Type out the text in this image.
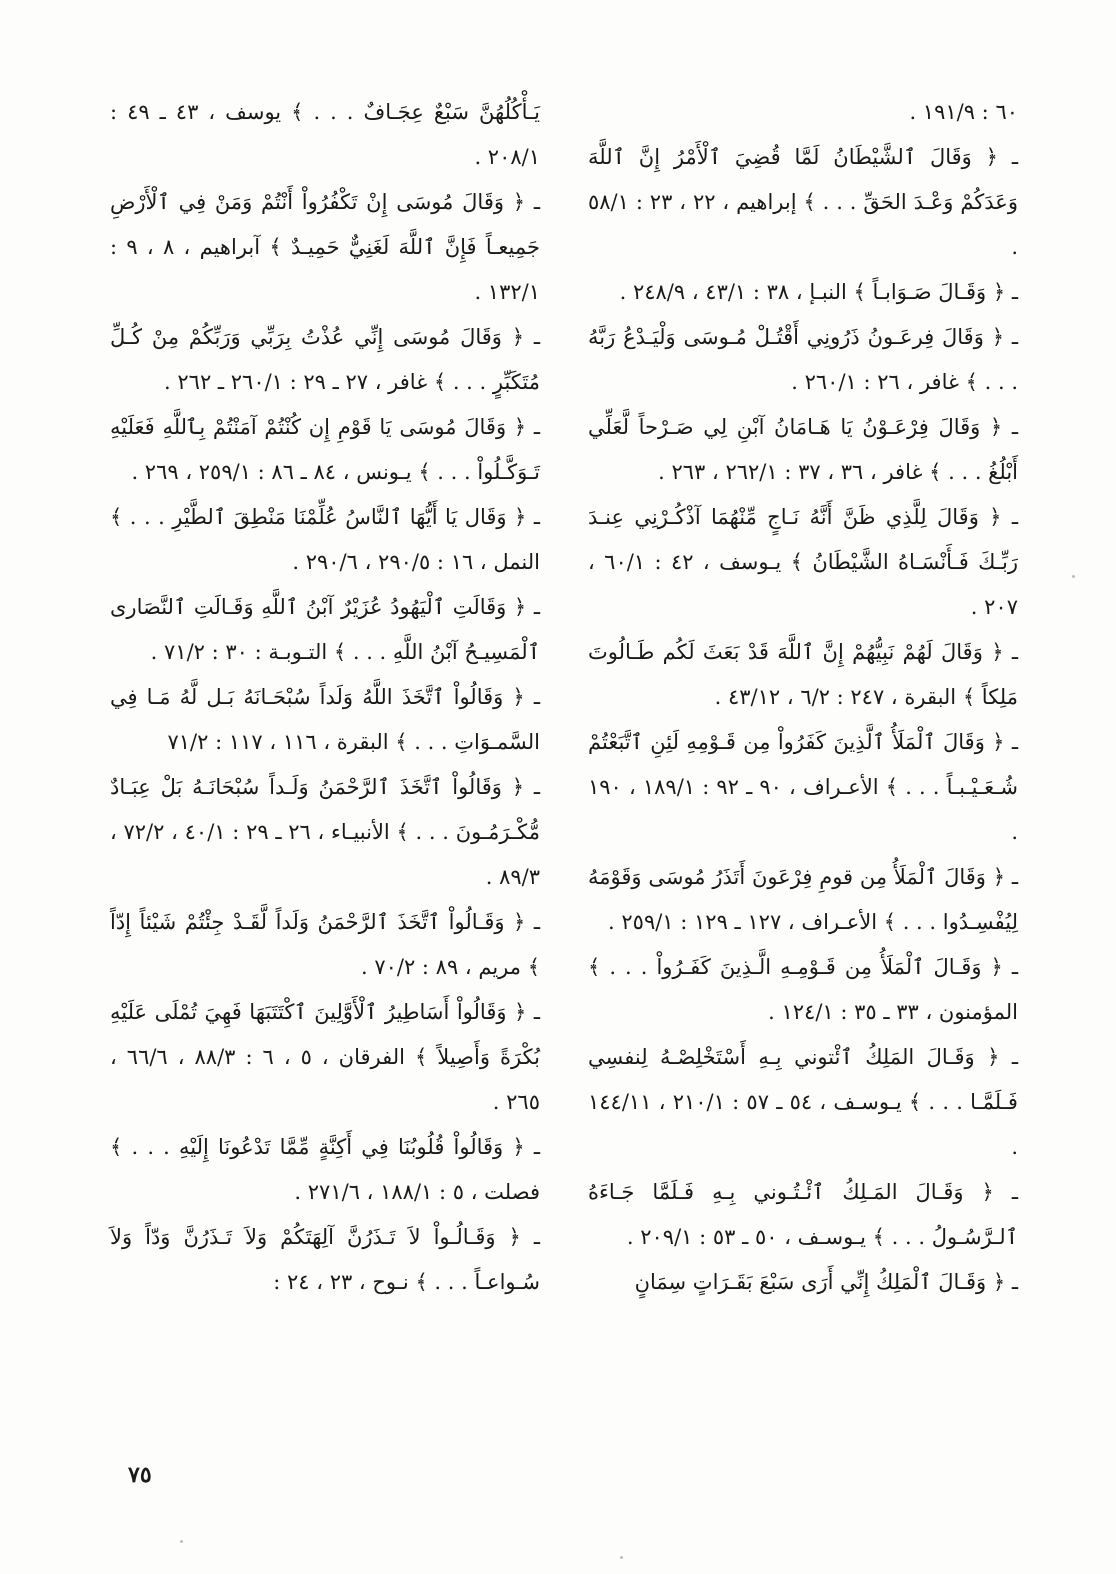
٦٠ : ١٩١/٩ .

ـ ﴿ وَقَالَ ٱلشَّيْطَانُ لَمَّا قُضِيَ ٱلْأَمْرُ إِنَّ ٱللَّهَ وَعَدَكُمْ وَعْـدَ الحَقِّ . . . ﴾ إبراهيم ، ٢٢ ، ٢٣ : ٥٨/١ .

ـ ﴿ وَقَـالَ صَـوَابـاً ﴾ النبـإ ، ٣٨ : ٤٣/١ ، ٢٤٨/٩ .

ـ ﴿ وَقَالَ فِرعَـونُ ذَرُونِي أَقْتُـلْ مُـوسَى وَلْيَـدْعُ رَبَّهُ . . . ﴾ غافر ، ٢٦ : ٢٦٠/١ .

ـ ﴿ وَقَالَ فِرْعَـوْنُ يَا هَـامَانُ آبْنِ لِي صَـرْحاً لَّعَلِّي أَبْلُغُ . . . ﴾ غافر ، ٣٦ ، ٣٧ : ٢٦٢/١ ، ٢٦٣ .

ـ ﴿ وَقَالَ لِلَّذِي ظَنَّ أَنَّهُ نَـاجٍ مِّنْهُمَا آذْكُـرْنِي عِنـدَ رَبِّـكَ فَـأَنْسَـاهُ الشَّيْطَانُ ﴾ يـوسف ، ٤٢ : ٦٠/١ ، ٢٠٧ .

ـ ﴿ وَقَالَ لَهُمْ نَبِيُّهُمْ إِنَّ ٱللَّهَ قَدْ بَعَثَ لَكُم طَـالُوتَ مَلِكاً ﴾ البقرة ، ٢٤٧ : ٦/٢ ، ٤٣/١٢ .

ـ ﴿ وَقَالَ ٱلْمَلَأُ ٱلَّذِينَ كَفَرُواْ مِن قَـوْمِهِ لَئِنِ ٱتَّبَعْتُمْ شُـعَـيْـبـاً . . . ﴾ الأعـراف ، ٩٠ ـ ٩٢ : ١٨٩/١ ، ١٩٠ .

ـ ﴿ وَقَالَ ٱلْمَلَأُ مِن قومِ فِرْعَونَ أَتَذَرُ مُوسَى وَقَوْمَهُ لِيُفْسِـدُوا . . . ﴾ الأعـراف ، ١٢٧ ـ ١٢٩ : ٢٥٩/١ .

ـ ﴿ وَقَـالَ ٱلْمَلَأُ مِن قَـوْمِـهِ الَّـذِينَ كَفَـرُواْ . . . ﴾ المؤمنون ، ٣٣ ـ ٣٥ : ١٢٤/١ .

ـ ﴿ وَقَـالَ المَلِكُ ٱئْتوني بِـهِ أَسْتَخْلِصْـهُ لِنفسِي فَـلَمَّـا . . . ﴾ يـوسـف ، ٥٤ ـ ٥٧ : ٢١٠/١ ، ١٤٤/١١ .

ـ ﴿ وَقَـالَ المَـلِكُ ٱئْـتُـوني بِـهِ فَـلَمَّا جَـاءَهُ ٱلـرَّسُـولُ . . . ﴾ يـوسـف ، ٥٠ ـ ٥٣ : ٢٠٩/١ .

ـ ﴿ وَقَـالَ ٱلْمَلِكُ إِنِّي أَرَى سَبْعَ بَقَـرَاتٍ سِمَانٍ

يَـأْكُلُهُنَّ سَبْعٌ عِجَـافٌ . . . ﴾ يوسف ، ٤٣ ـ ٤٩ : ٢٠٨/١ .

ـ ﴿ وَقَالَ مُوسَى إِنْ تَكْفُرُواْ أَنْتُمْ وَمَنْ فِي ٱلْأَرْضِ جَمِيعـاً فَإِنَّ ٱللَّهَ لَغَنِيٌّ حَمِيـدٌ ﴾ آبراهيم ، ٨ ، ٩ : ١٣٢/١ .

ـ ﴿ وَقَالَ مُوسَى إِنِّي عُذْتُ بِرَبِّي وَرَبِّكُمْ مِنْ كُـلِّ مُتَكَبِّرٍ . . . ﴾ غافر ، ٢٧ ـ ٢٩ : ٢٦٠/١ ـ ٢٦٢ .

ـ ﴿ وَقَالَ مُوسَى يَا قَوْمِ إِن كُنْتُمْ آمَنْتُمْ بِٱللَّهِ فَعَلَيْهِ تَـوَكَّـلُواْ . . . ﴾ يـونس ، ٨٤ ـ ٨٦ : ٢٥٩/١ ، ٢٦٩ .

ـ ﴿ وَقَال يَا أَيُّهَا ٱلنَّاسُ عُلِّمْنَا مَنْطِقَ ٱلطَّيْرِ . . . ﴾ النمل ، ١٦ : ٢٩٠/٥ ، ٢٩٠/٦ .

ـ ﴿ وَقَالَتِ ٱلْيَهُودُ عُزَيْرٌ آبْنُ ٱللَّهِ وَقَـالَتِ ٱلنَّصَارى ٱلْمَسِيـحُ آبْنُ اللَّهِ . . . ﴾ التـوبـة : ٣٠ : ٧١/٢ .

ـ ﴿ وَقَالُواْ ٱتَّخَذَ اللَّهُ وَلَداً سُبْحَـانَهُ بَـل لَّهُ مَـا فِي السَّمـوَاتِ . . . ﴾ البقرة ، ١١٦ ، ١١٧ : ٧١/٢

ـ ﴿ وَقَالُواْ ٱتَّخَذَ ٱلرَّحْمَنُ وَلَـداً سُبْحَانَـهُ بَلْ عِبَـادٌ مُّكْـرَمُـونَ . . . ﴾ الأنبيـاء ، ٢٦ ـ ٢٩ : ٤٠/١ ، ٧٢/٢ ، ٨٩/٣ .

ـ ﴿ وَقَـالُواْ ٱتَّخَذَ ٱلرَّحْمَنُ وَلَداً لَّقَـدْ جِئْتُمْ شَيْئاً إِدّاً ﴾ مريم ، ٨٩ : ٧٠/٢ .

ـ ﴿ وَقَالُواْ أَسَاطِيرُ ٱلْأَوَّلِينَ ٱكْتَتَبَهَا فَهِيَ تُمْلَى عَلَيْهِ بُكْرَةً وَأَصِيلاً ﴾ الفرقان ، ٥ ، ٦ : ٨٨/٣ ، ٦٦/٦ ، ٢٦٥ .

ـ ﴿ وَقَالُواْ قُلُوبُنَا فِي أَكِنَّةٍ مِّمَّا تَدْعُونَا إِلَيْهِ . . . ﴾ فصلت ، ٥ : ١٨٨/١ ، ٢٧١/٦ .

ـ ﴿ وَقَـالُـواْ لاَ تَـذَرُنَّ آلِهَتَكُمْ وَلاَ تَـذَرُنَّ وَدّاً وَلاَ سُـواعـاً . . . ﴾ نـوح ، ٢٣ ، ٢٤ :

٧٥
